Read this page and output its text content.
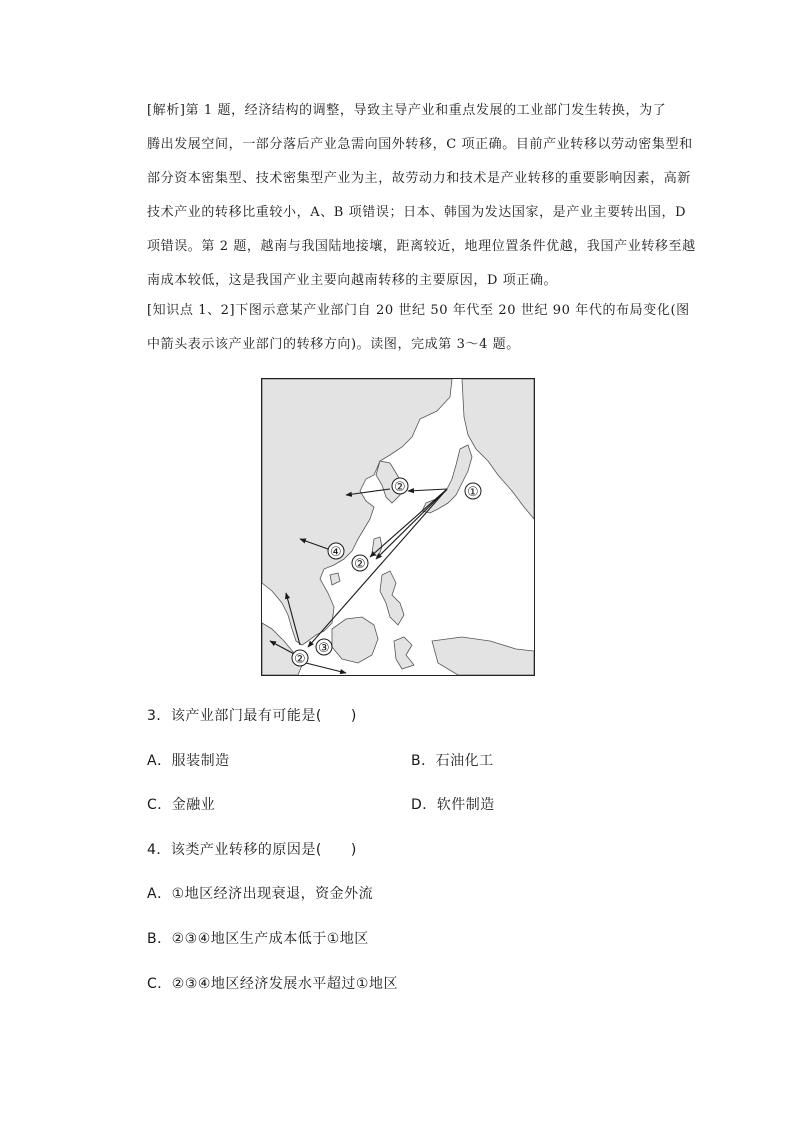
[解析]第 1 题，经济结构的调整，导致主导产业和重点发展的工业部门发生转换，为了
腾出发展空间，一部分落后产业急需向国外转移，C 项正确。目前产业转移以劳动密集型和
部分资本密集型、技术密集型产业为主，故劳动力和技术是产业转移的重要影响因素，高新
技术产业的转移比重较小，A、B 项错误；日本、韩国为发达国家，是产业主要转出国，D
项错误。第 2 题，越南与我国陆地接壤，距离较近，地理位置条件优越，我国产业转移至越
南成本较低，这是我国产业主要向越南转移的主要原因，D 项正确。
[知识点 1、2]下图示意某产业部门自 20 世纪 50 年代至 20 世纪 90 年代的布局变化(图
中箭头表示该产业部门的转移方向)。读图，完成第 3～4 题。
①
②
④
②
③
②
3．该产业部门最有可能是(　　)
A．服装制造	B．石油化工
C．金融业	D．软件制造
4．该类产业转移的原因是(　　)
A．①地区经济出现衰退，资金外流
B．②③④地区生产成本低于①地区
C．②③④地区经济发展水平超过①地区
